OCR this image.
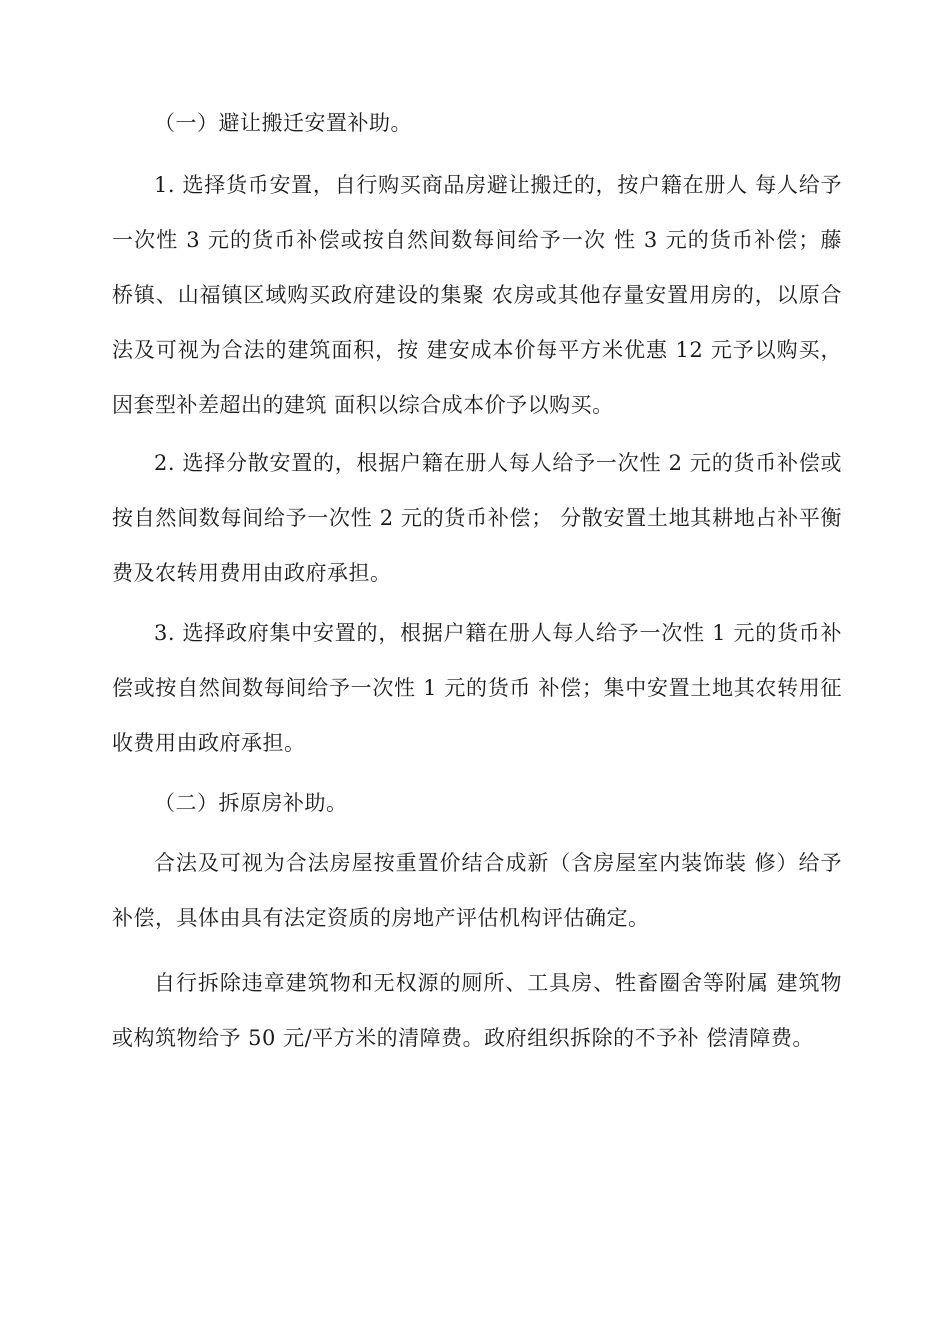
（一）避让搬迁安置补助。

1. 选择货币安置，自行购买商品房避让搬迁的，按户籍在册人 每人给予一次性 3 元的货币补偿或按自然间数每间给予一次 性 3 元的货币补偿；藤桥镇、山福镇区域购买政府建设的集聚 农房或其他存量安置用房的，以原合法及可视为合法的建筑面积，按 建安成本价每平方米优惠 12 元予以购买，因套型补差超出的建筑 面积以综合成本价予以购买。

2. 选择分散安置的，根据户籍在册人每人给予一次性 2 元的货币补偿或按自然间数每间给予一次性 2 元的货币补偿； 分散安置土地其耕地占补平衡费及农转用费用由政府承担。

3. 选择政府集中安置的，根据户籍在册人每人给予一次性 1 元的货币补偿或按自然间数每间给予一次性 1 元的货币 补偿；集中安置土地其农转用征收费用由政府承担。

（二）拆原房补助。

合法及可视为合法房屋按重置价结合成新（含房屋室内装饰装 修）给予补偿，具体由具有法定资质的房地产评估机构评估确定。

自行拆除违章建筑物和无权源的厕所、工具房、牲畜圈舍等附属 建筑物或构筑物给予 50 元/平方米的清障费。政府组织拆除的不予补 偿清障费。
